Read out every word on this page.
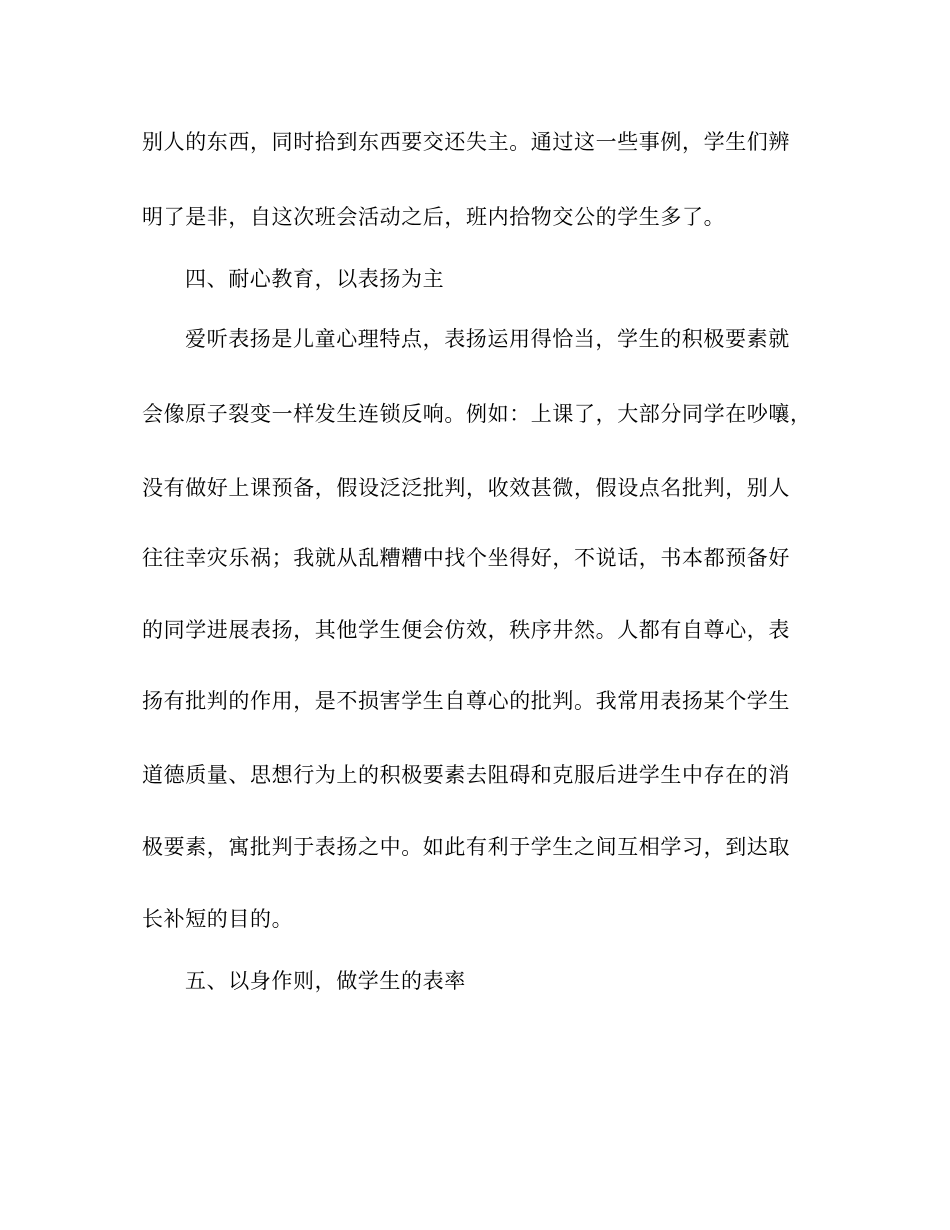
别人的东西，同时拾到东西要交还失主。通过这一些事例，学生们辨
明了是非，自这次班会活动之后，班内拾物交公的学生多了。
四、耐心教育，以表扬为主
爱听表扬是儿童心理特点，表扬运用得恰当，学生的积极要素就
会像原子裂变一样发生连锁反响。例如：上课了，大部分同学在吵嚷，
没有做好上课预备，假设泛泛批判，收效甚微，假设点名批判，别人
往往幸灾乐祸；我就从乱糟糟中找个坐得好，不说话，书本都预备好
的同学进展表扬，其他学生便会仿效，秩序井然。人都有自尊心，表
扬有批判的作用，是不损害学生自尊心的批判。我常用表扬某个学生
道德质量、思想行为上的积极要素去阻碍和克服后进学生中存在的消
极要素，寓批判于表扬之中。如此有利于学生之间互相学习，到达取
长补短的目的。
五、以身作则，做学生的表率
